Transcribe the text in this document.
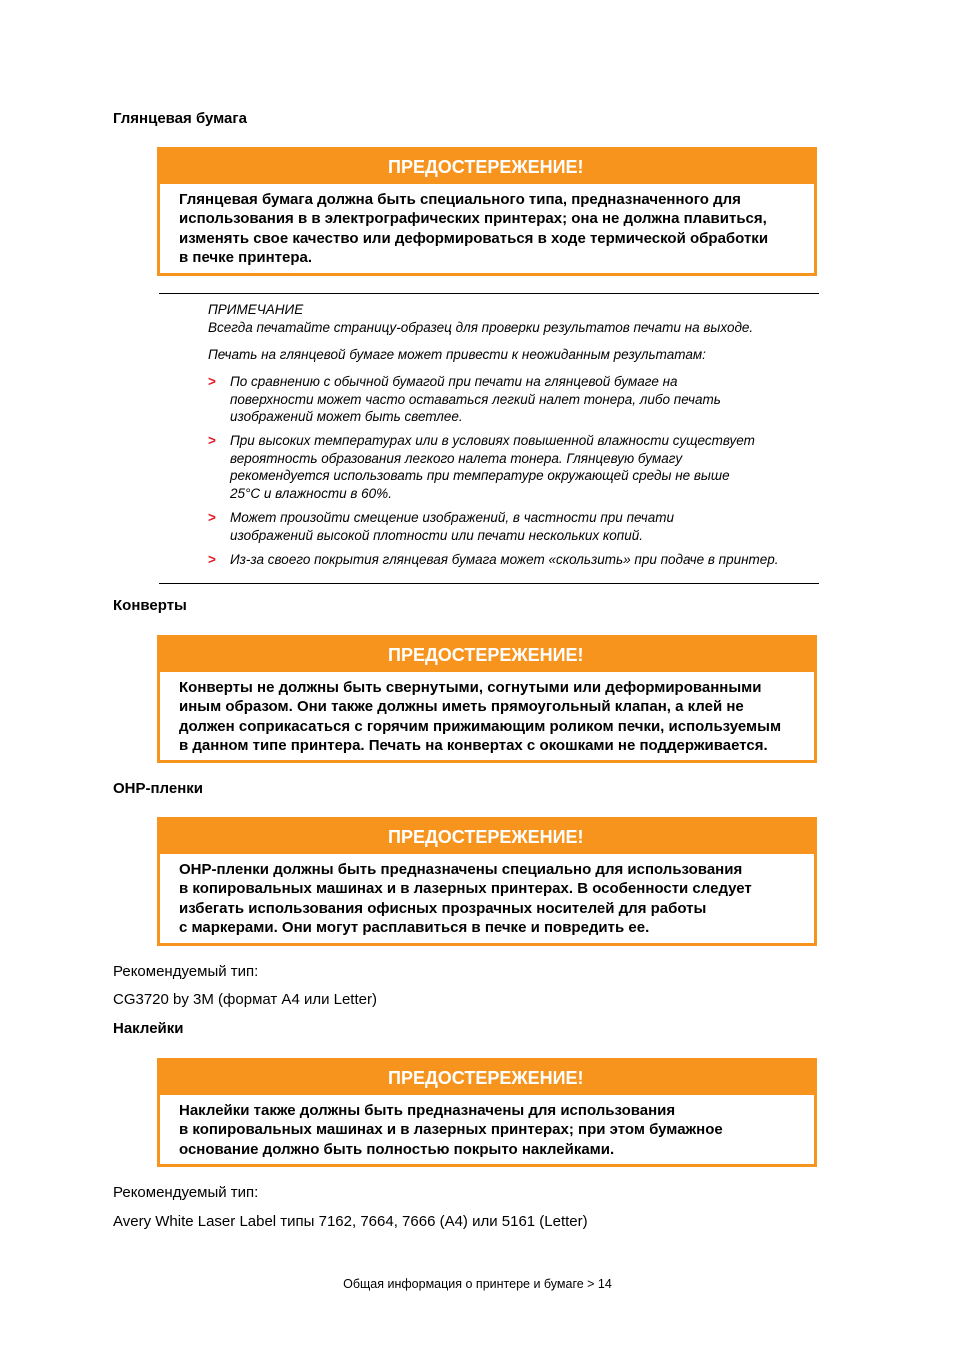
Глянцевая бумага
ПРЕДОСТЕРЕЖЕНИЕ!
Глянцевая бумага должна быть специального типа, предназначенного для
использования в в электрографических принтерах; она не должна плавиться,
изменять свое качество или деформироваться в ходе термической обработки
в печке принтера.
ПРИМЕЧАНИЕ
Всегда печатайте страницу-образец для проверки результатов печати на выходе.
Печать на глянцевой бумаге может привести к неожиданным результатам:
> По сравнению с обычной бумагой при печати на глянцевой бумаге на
поверхности может часто оставаться легкий налет тонера, либо печать
изображений может быть светлее.
> При высоких температурах или в условиях повышенной влажности существует
вероятность образования легкого налета тонера. Глянцевую бумагу
рекомендуется использовать при температуре окружающей среды не выше
25°C и влажности в 60%.
> Может произойти смещение изображений, в частности при печати
изображений высокой плотности или печати нескольких копий.
> Из-за своего покрытия глянцевая бумага может «скользить» при подаче в принтер.
Конверты
ПРЕДОСТЕРЕЖЕНИЕ!
Конверты не должны быть свернутыми, согнутыми или деформированными
иным образом. Они также должны иметь прямоугольный клапан, а клей не
должен соприкасаться с горячим прижимающим роликом печки, используемым
в данном типе принтера. Печать на конвертах с окошками не поддерживается.
OHP-пленки
ПРЕДОСТЕРЕЖЕНИЕ!
OHP-пленки должны быть предназначены специально для использования
в копировальных машинах и в лазерных принтерах. В особенности следует
избегать использования офисных прозрачных носителей для работы
с маркерами. Они могут расплавиться в печке и повредить ее.
Рекомендуемый тип:
CG3720 by 3M (формат A4 или Letter)
Наклейки
ПРЕДОСТЕРЕЖЕНИЕ!
Наклейки также должны быть предназначены для использования
в копировальных машинах и в лазерных принтерах; при этом бумажное
основание должно быть полностью покрыто наклейками.
Рекомендуемый тип:
Avery White Laser Label типы 7162, 7664, 7666 (A4) или 5161 (Letter)
Общая информация о принтере и бумаге > 14
